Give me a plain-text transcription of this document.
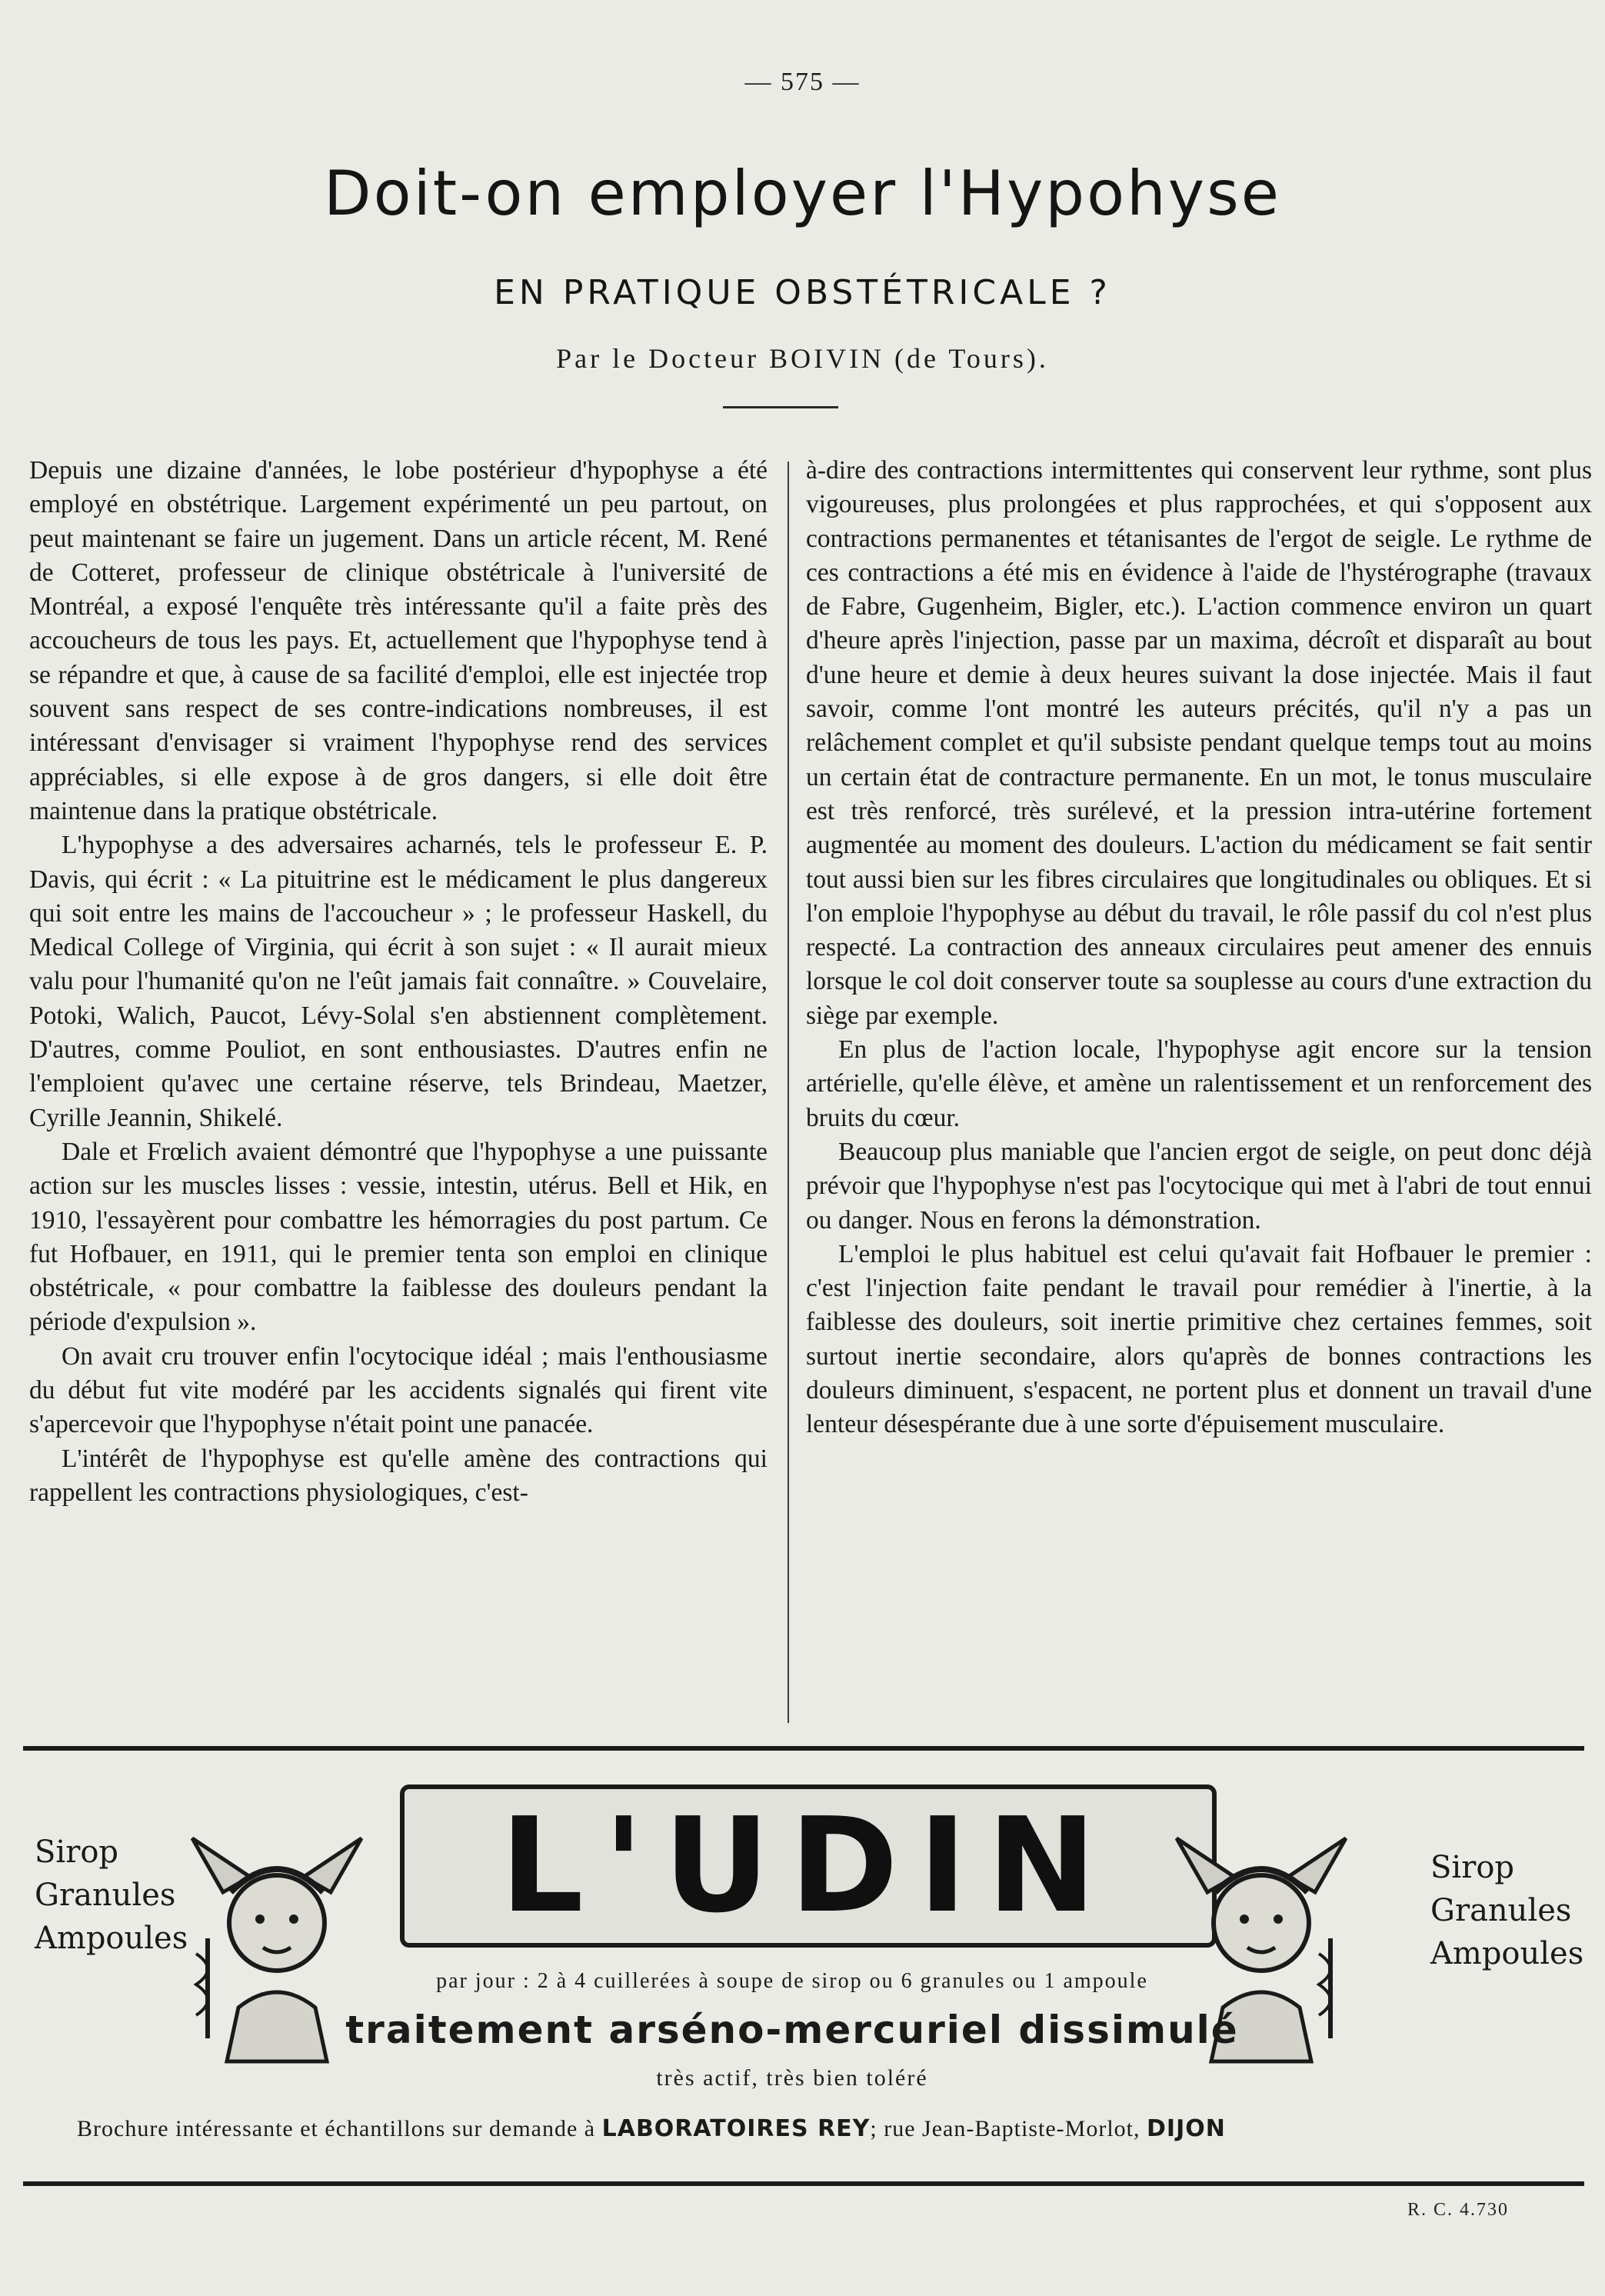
— 575 —
Doit-on employer l'Hypohyse
EN PRATIQUE OBSTÉTRICALE ?
Par le Docteur BOIVIN (de Tours).

Depuis une dizaine d'années, le lobe postérieur d'hypophyse a été employé en obstétrique. Largement expérimenté un peu partout, on peut maintenant se faire un jugement. Dans un article récent, M. René de Cotteret, professeur de clinique obstétricale à l'université de Montréal, a exposé l'enquête très intéressante qu'il a faite près des accoucheurs de tous les pays. Et, actuellement que l'hypophyse tend à se répandre et que, à cause de sa facilité d'emploi, elle est injectée trop souvent sans respect de ses contre-indications nombreuses, il est intéressant d'envisager si vraiment l'hypophyse rend des services appréciables, si elle expose à de gros dangers, si elle doit être maintenue dans la pratique obstétricale.

L'hypophyse a des adversaires acharnés, tels le professeur E. P. Davis, qui écrit : « La pituitrine est le médicament le plus dangereux qui soit entre les mains de l'accoucheur » ; le professeur Haskell, du Medical College of Virginia, qui écrit à son sujet : « Il aurait mieux valu pour l'humanité qu'on ne l'eût jamais fait connaître. » Couvelaire, Potoki, Walich, Paucot, Lévy-Solal s'en abstiennent complètement. D'autres, comme Pouliot, en sont enthousiastes. D'autres enfin ne l'emploient qu'avec une certaine réserve, tels Brindeau, Maetzer, Cyrille Jeannin, Shikelé.

Dale et Frœlich avaient démontré que l'hypophyse a une puissante action sur les muscles lisses : vessie, intestin, utérus. Bell et Hik, en 1910, l'essayèrent pour combattre les hémorragies du post partum. Ce fut Hofbauer, en 1911, qui le premier tenta son emploi en clinique obstétricale, « pour combattre la faiblesse des douleurs pendant la période d'expulsion ».

On avait cru trouver enfin l'ocytocique idéal ; mais l'enthousiasme du début fut vite modéré par les accidents signalés qui firent vite s'apercevoir que l'hypophyse n'était point une panacée.

L'intérêt de l'hypophyse est qu'elle amène des contractions qui rappellent les contractions physiologiques, c'est-

à-dire des contractions intermittentes qui conservent leur rythme, sont plus vigoureuses, plus prolongées et plus rapprochées, et qui s'opposent aux contractions permanentes et tétanisantes de l'ergot de seigle. Le rythme de ces contractions a été mis en évidence à l'aide de l'hystérographe (travaux de Fabre, Gugenheim, Bigler, etc.). L'action commence environ un quart d'heure après l'injection, passe par un maxima, décroît et disparaît au bout d'une heure et demie à deux heures suivant la dose injectée. Mais il faut savoir, comme l'ont montré les auteurs précités, qu'il n'y a pas un relâchement complet et qu'il subsiste pendant quelque temps tout au moins un certain état de contracture permanente. En un mot, le tonus musculaire est très renforcé, très surélevé, et la pression intra-utérine fortement augmentée au moment des douleurs. L'action du médicament se fait sentir tout aussi bien sur les fibres circulaires que longitudinales ou obliques. Et si l'on emploie l'hypophyse au début du travail, le rôle passif du col n'est plus respecté. La contraction des anneaux circulaires peut amener des ennuis lorsque le col doit conserver toute sa souplesse au cours d'une extraction du siège par exemple.

En plus de l'action locale, l'hypophyse agit encore sur la tension artérielle, qu'elle élève, et amène un ralentissement et un renforcement des bruits du cœur.

Beaucoup plus maniable que l'ancien ergot de seigle, on peut donc déjà prévoir que l'hypophyse n'est pas l'ocytocique qui met à l'abri de tout ennui ou danger. Nous en ferons la démonstration.

L'emploi le plus habituel est celui qu'avait fait Hofbauer le premier : c'est l'injection faite pendant le travail pour remédier à l'inertie, à la faiblesse des douleurs, soit inertie primitive chez certaines femmes, soit surtout inertie secondaire, alors qu'après de bonnes contractions les douleurs diminuent, s'espacent, ne portent plus et donnent un travail d'une lenteur désespérante due à une sorte d'épuisement musculaire.

Sirop
Granules
Ampoules	L'UDIN	Sirop
Granules
Ampoules
par jour : 2 à 4 cuillerées à soupe de sirop ou 6 granules ou 1 ampoule
traitement arséno-mercuriel dissimulé
très actif, très bien toléré
Brochure intéressante et échantillons sur demande à LABORATOIRES REY; rue Jean-Baptiste-Morlot, DIJON
R. C. 4.730
